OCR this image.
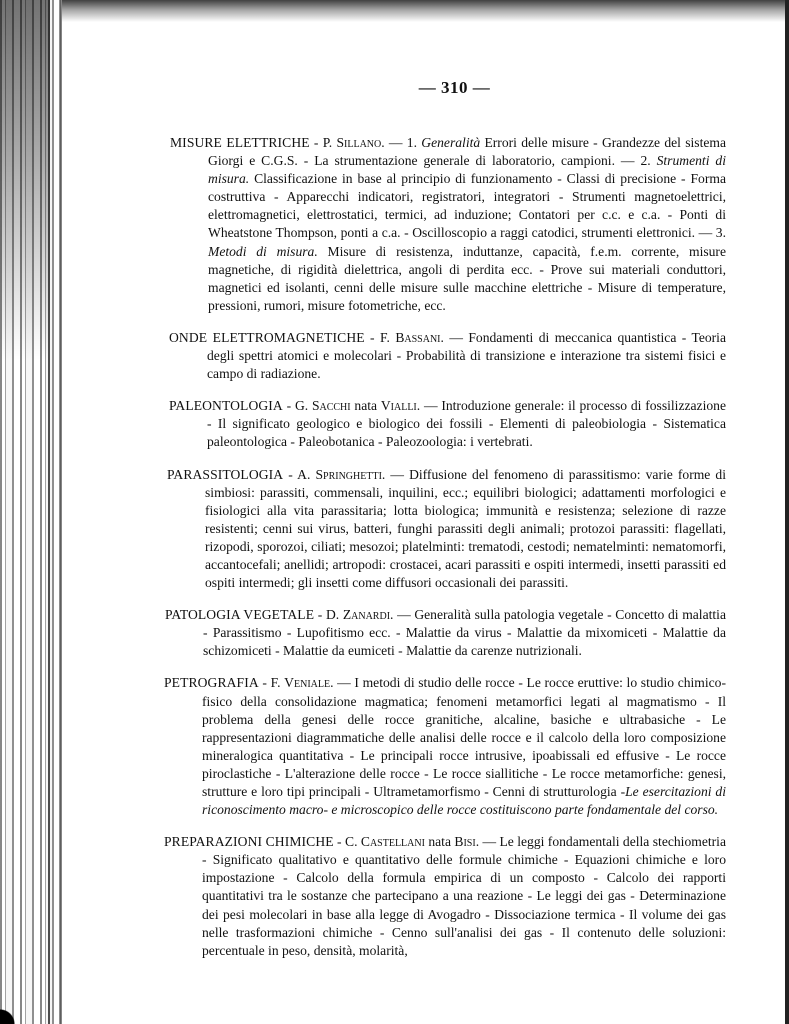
— 310 —

MISURE ELETTRICHE - P. Sillano. — 1. Generalità Errori delle misure - Grandezze del sistema Giorgi e C.G.S. - La strumentazione generale di laboratorio, campioni. — 2. Strumenti di misura. Classificazione in base al principio di funzionamento - Classi di precisione - Forma costruttiva - Apparecchi indicatori, registratori, integratori - Strumenti magnetoelettrici, elettromagnetici, elettrostatici, termici, ad induzione; Contatori per c.c. e c.a. - Ponti di Wheatstone Thompson, ponti a c.a. - Oscilloscopio a raggi catodici, strumenti elettronici. — 3. Metodi di misura. Misure di resistenza, induttanze, capacità, f.e.m. corrente, misure magnetiche, di rigidità dielettrica, angoli di perdita ecc. - Prove sui materiali conduttori, magnetici ed isolanti, cenni delle misure sulle macchine elettriche - Misure di temperature, pressioni, rumori, misure fotometriche, ecc.

ONDE ELETTROMAGNETICHE - F. Bassani. — Fondamenti di meccanica quantistica - Teoria degli spettri atomici e molecolari - Probabilità di transizione e interazione tra sistemi fisici e campo di radiazione.

PALEONTOLOGIA - G. Sacchi nata Vialli. — Introduzione generale: il processo di fossilizzazione - Il significato geologico e biologico dei fossili - Elementi di paleobiologia - Sistematica paleontologica - Paleobotanica - Paleozoologia: i vertebrati.

PARASSITOLOGIA - A. Springhetti. — Diffusione del fenomeno di parassitismo: varie forme di simbiosi: parassiti, commensali, inquilini, ecc.; equilibri biologici; adattamenti morfologici e fisiologici alla vita parassitaria; lotta biologica; immunità e resistenza; selezione di razze resistenti; cenni sui virus, batteri, funghi parassiti degli animali; protozoi parassiti: flagellati, rizopodi, sporozoi, ciliati; mesozoi; platelminti: trematodi, cestodi; nematelminti: nematomorfi, accantocefali; anellidi; artropodi: crostacei, acari parassiti e ospiti intermedi, insetti parassiti ed ospiti intermedi; gli insetti come diffusori occasionali dei parassiti.

PATOLOGIA VEGETALE - D. Zanardi. — Generalità sulla patologia vegetale - Concetto di malattia - Parassitismo - Lupofitismo ecc. - Malattie da virus - Malattie da mixomiceti - Malattie da schizomiceti - Malattie da eumiceti - Malattie da carenze nutrizionali.

PETROGRAFIA - F. Veniale. — I metodi di studio delle rocce - Le rocce eruttive: lo studio chimico-fisico della consolidazione magmatica; fenomeni metamorfici legati al magmatismo - Il problema della genesi delle rocce granitiche, alcaline, basiche e ultrabasiche - Le rappresentazioni diagrammatiche delle analisi delle rocce e il calcolo della loro composizione mineralogica quantitativa - Le principali rocce intrusive, ipoabissali ed effusive - Le rocce piroclastiche - L'alterazione delle rocce - Le rocce siallitiche - Le rocce metamorfiche: genesi, strutture e loro tipi principali - Ultrametamorfismo - Cenni di strutturologia -Le esercitazioni di riconoscimento macro- e microscopico delle rocce costituiscono parte fondamentale del corso.

PREPARAZIONI CHIMICHE - C. Castellani nata Bisi. — Le leggi fondamentali della stechiometria - Significato qualitativo e quantitativo delle formule chimiche - Equazioni chimiche e loro impostazione - Calcolo della formula empirica di un composto - Calcolo dei rapporti quantitativi tra le sostanze che partecipano a una reazione - Le leggi dei gas - Determinazione dei pesi molecolari in base alla legge di Avogadro - Dissociazione termica - Il volume dei gas nelle trasformazioni chimiche - Cenno sull'analisi dei gas - Il contenuto delle soluzioni: percentuale in peso, densità, molarità,
